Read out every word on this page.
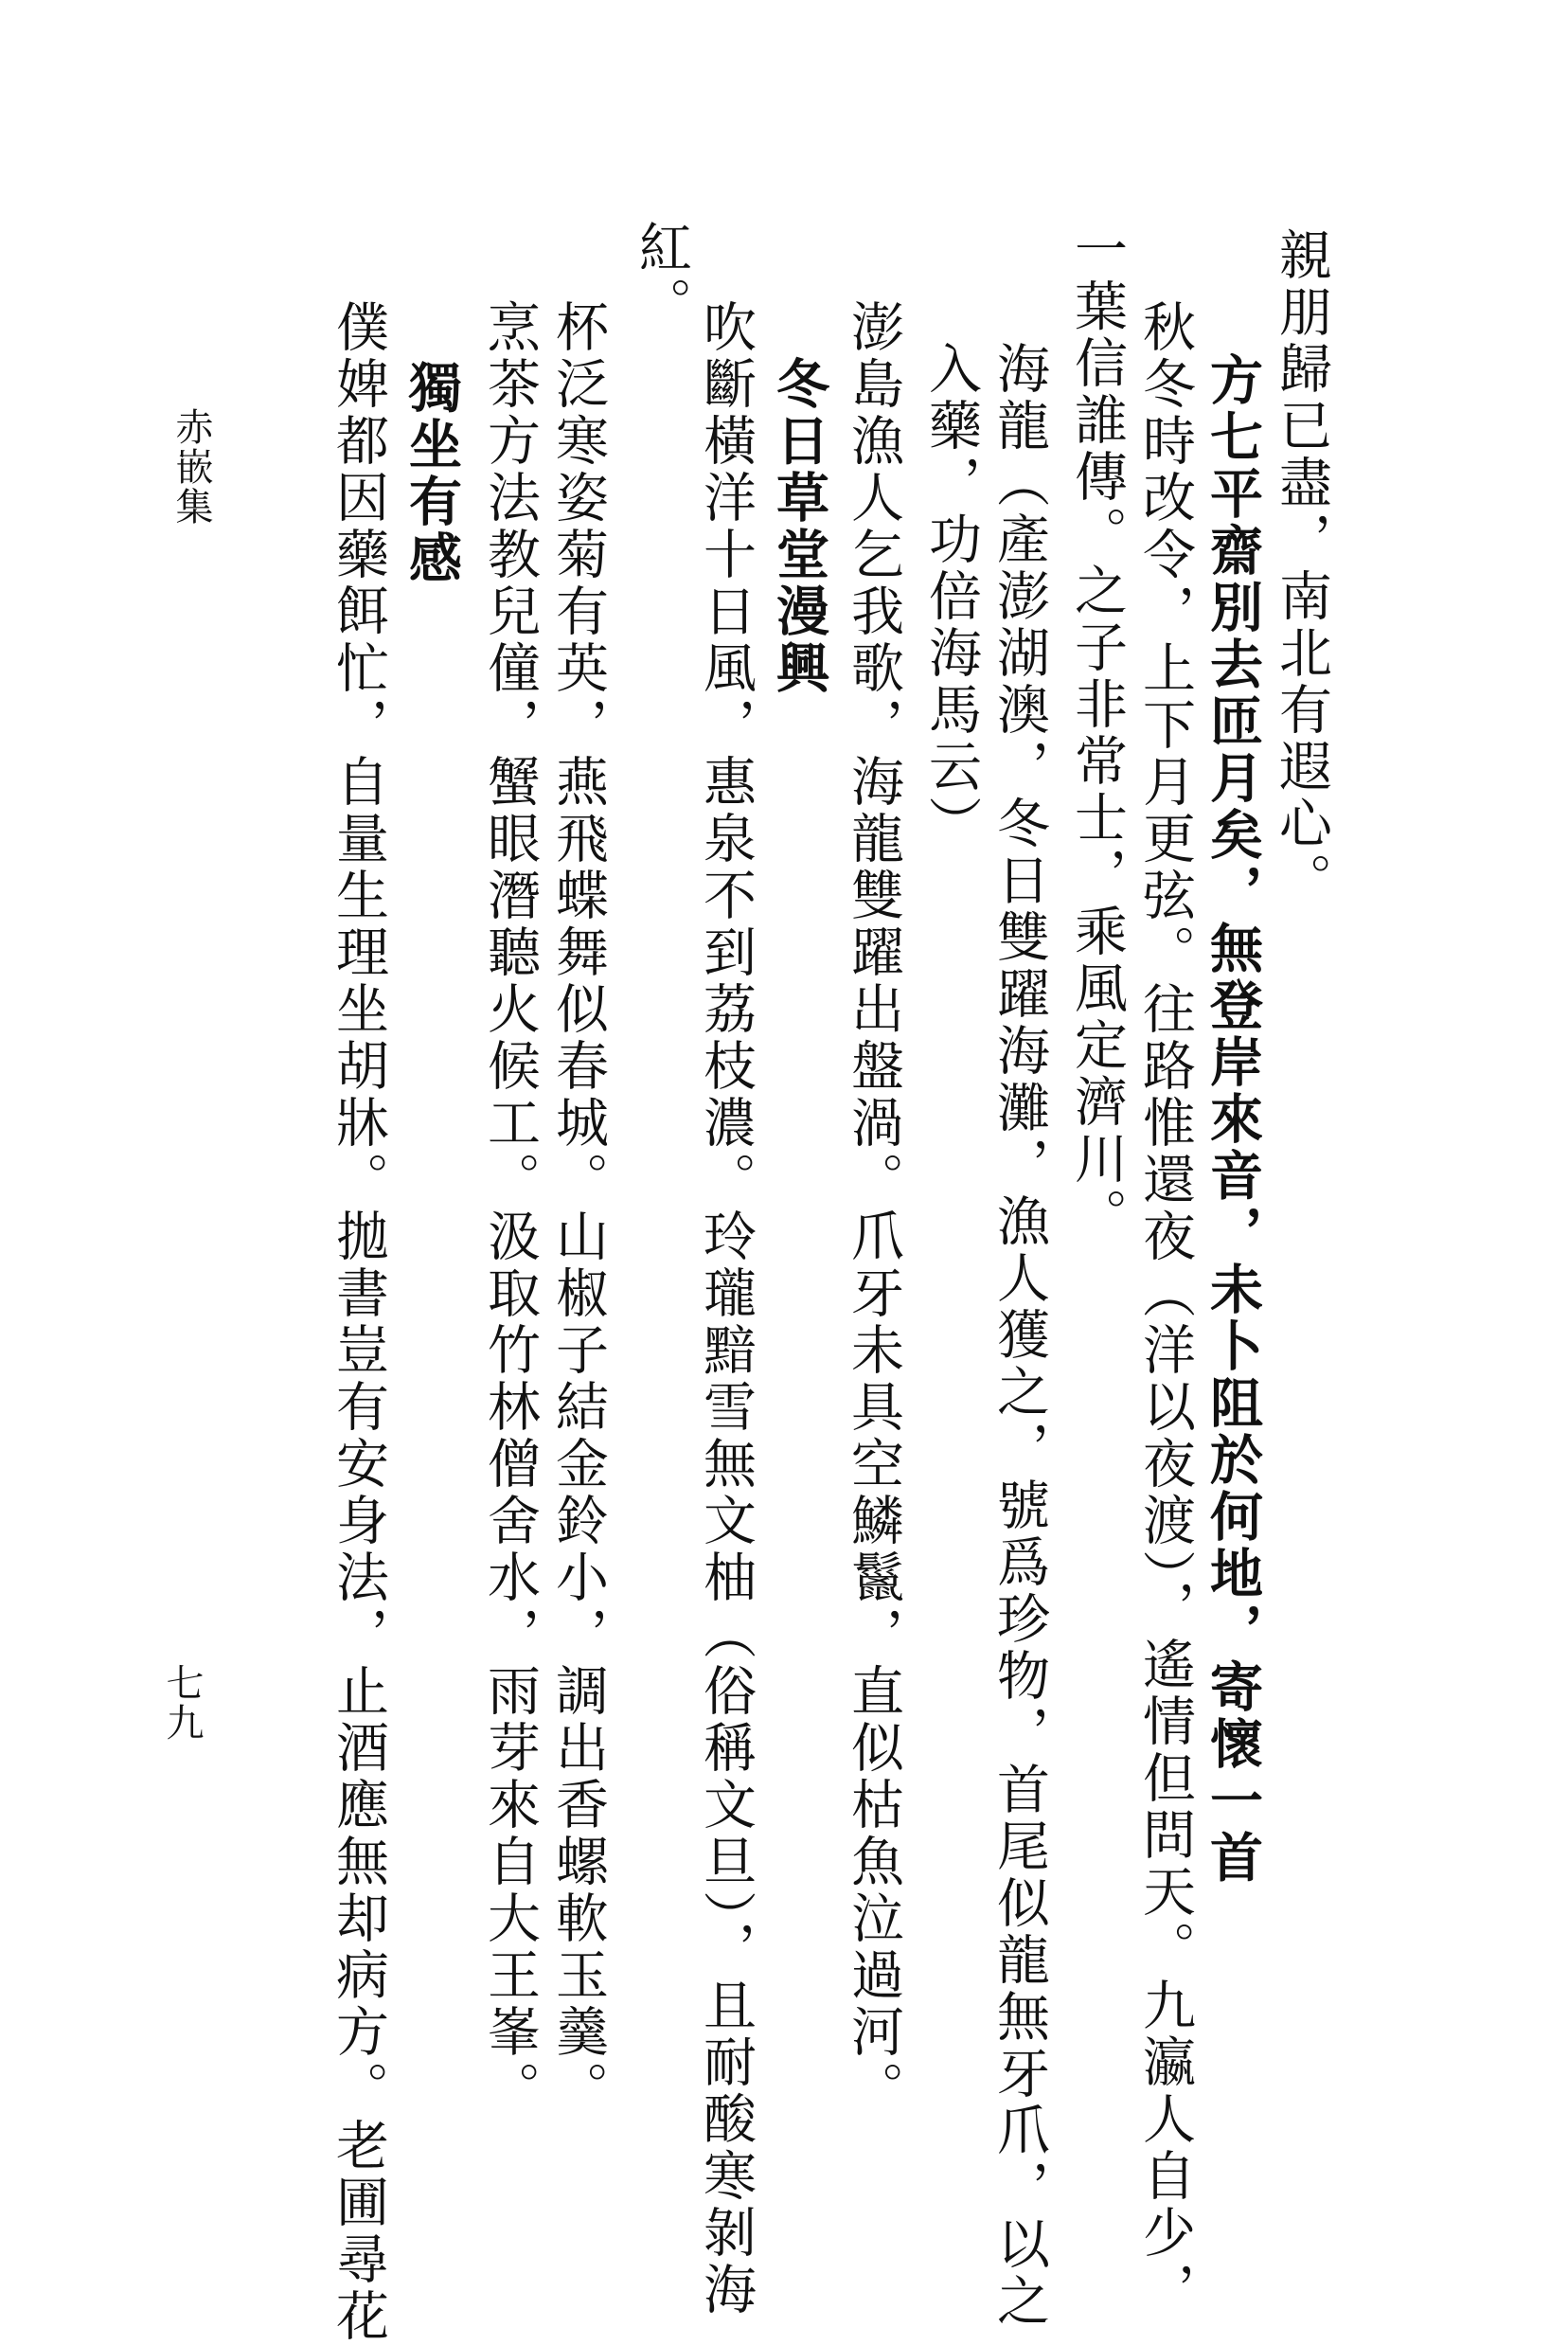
親朋歸已盡，南北有遐心。
方七平齋別去匝月矣，無登岸來音，未卜阻於何地，寄懷一首
秋冬時改令，上下月更弦。往路惟還夜（洋以夜渡），遙情但問天。九瀛人自少，
一葉信誰傳。之子非常士，乘風定濟川。
海龍（產澎湖澳，冬日雙躍海灘，漁人獲之，號爲珍物，首尾似龍無牙爪，以之
入藥，功倍海馬云）
澎島漁人乞我歌，海龍雙躍出盤渦。爪牙未具空鱗鬣，直似枯魚泣過河。
冬日草堂漫興
吹斷橫洋十日風，惠泉不到荔枝濃。玲瓏黯雪無文柚（俗稱文旦），且耐酸寒剝海
紅。
杯泛寒姿菊有英，燕飛蝶舞似春城。山椒子結金鈴小，調出香螺軟玉羹。
烹茶方法教兒僮，蟹眼潛聽火候工。汲取竹林僧舍水，雨芽來自大王峯。
獨坐有感
僕婢都因藥餌忙，自量生理坐胡牀。拋書豈有安身法，止酒應無却病方。老圃尋花
赤嵌集
七九
